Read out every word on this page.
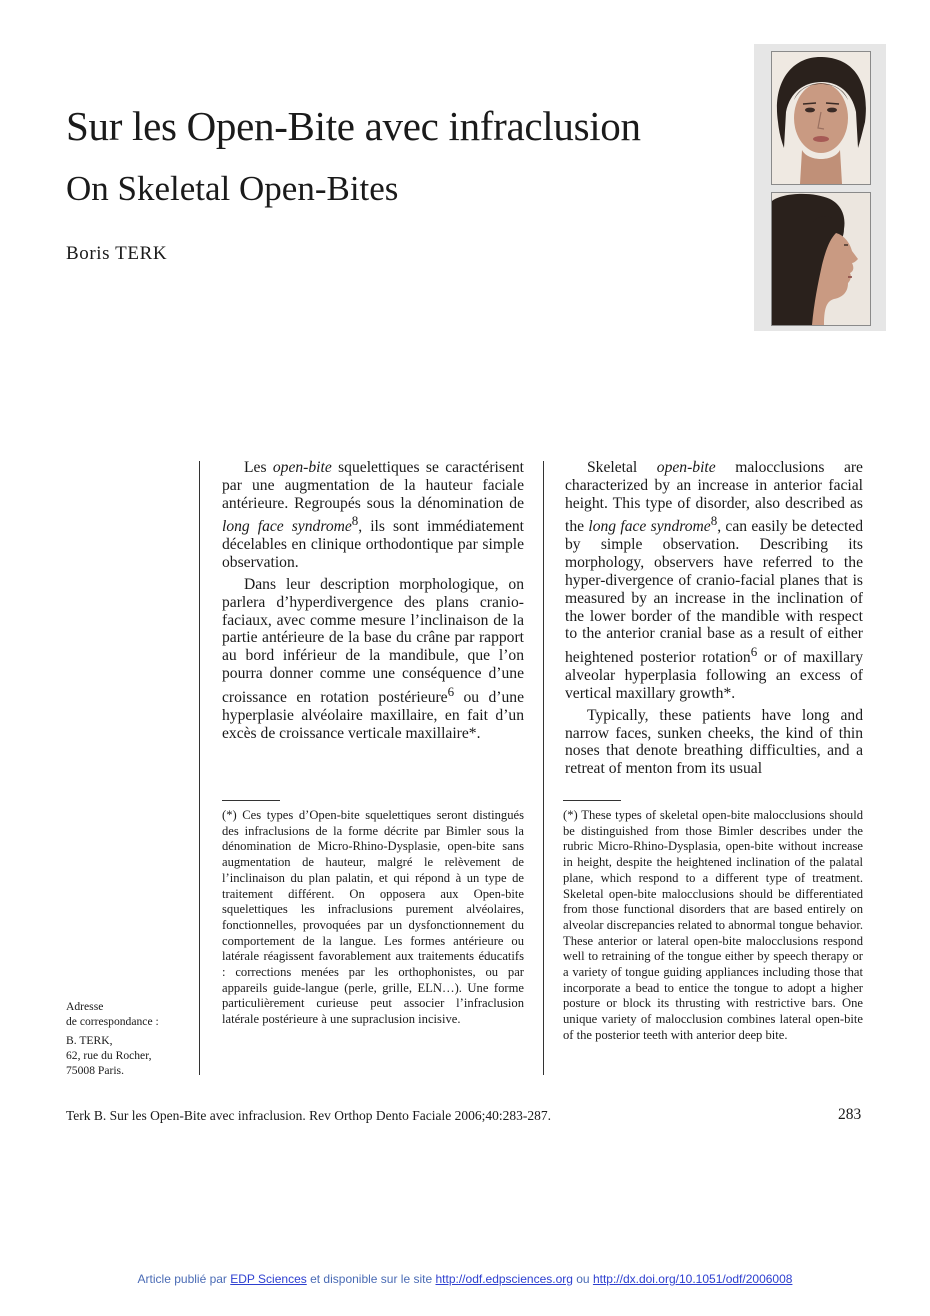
Sur les Open-Bite avec infraclusion
On Skeletal Open-Bites
Boris TERK

Les open-bite squelettiques se caractérisent par une augmentation de la hauteur faciale antérieure. Regroupés sous la dénomination de long face syndrome$^8$, ils sont immédiatement décelables en clinique orthodontique par simple observation.

Dans leur description morphologique, on parlera d’hyperdivergence des plans cranio-faciaux, avec comme mesure l’inclinaison de la partie antérieure de la base du crâne par rapport au bord inférieur de la mandibule, que l’on pourra donner comme une conséquence d’une croissance en rotation postérieure$^6$ ou d’une hyperplasie alvéolaire maxillaire, en fait d’un excès de croissance verticale maxillaire*.

Skeletal open-bite malocclusions are characterized by an increase in anterior facial height. This type of disorder, also described as the long face syndrome$^8$, can easily be detected by simple observation. Describing its morphology, observers have referred to the hyper-divergence of cranio-facial planes that is measured by an increase in the inclination of the lower border of the mandible with respect to the anterior cranial base as a result of either heightened posterior rotation$^6$ or of maxillary alveolar hyperplasia following an excess of vertical maxillary growth*.

Typically, these patients have long and narrow faces, sunken cheeks, the kind of thin noses that denote breathing difficulties, and a retreat of menton from its usual

(*) Ces types d’Open-bite squelettiques seront distingués des infraclusions de la forme décrite par Bimler sous la dénomination de Micro-Rhino-Dysplasie, open-bite sans augmentation de hauteur, malgré le relèvement de l’inclinaison du plan palatin, et qui répond à un type de traitement différent. On opposera aux Open-bite squelettiques les infraclusions purement alvéolaires, fonctionnelles, provoquées par un dysfonctionnement du comportement de la langue. Les formes antérieure ou latérale réagissent favorablement aux traitements éducatifs : corrections menées par les orthophonistes, ou par appareils guide-langue (perle, grille, ELN…). Une forme particulièrement curieuse peut associer l’infraclusion latérale postérieure à une supraclusion incisive.
(*) These types of skeletal open-bite malocclusions should be distinguished from those Bimler describes under the rubric Micro-Rhino-Dysplasia, open-bite without increase in height, despite the heightened inclination of the palatal plane, which respond to a different type of treatment. Skeletal open-bite malocclusions should be differentiated from those functional disorders that are based entirely on alveolar discrepancies related to abnormal tongue behavior. These anterior or lateral open-bite malocclusions respond well to retraining of the tongue either by speech therapy or a variety of tongue guiding appliances including those that incorporate a bead to entice the tongue to adopt a higher posture or block its thrusting with restrictive bars. One unique variety of malocclusion combines lateral open-bite of the posterior teeth with anterior deep bite.
Adresse
de correspondance :
B. TERK,
62, rue du Rocher,
75008 Paris.
Terk B. Sur les Open-Bite avec infraclusion. Rev Orthop Dento Faciale 2006;40:283-287.	283
Article publié par EDP Sciences et disponible sur le site http://odf.edpsciences.org ou http://dx.doi.org/10.1051/odf/2006008
